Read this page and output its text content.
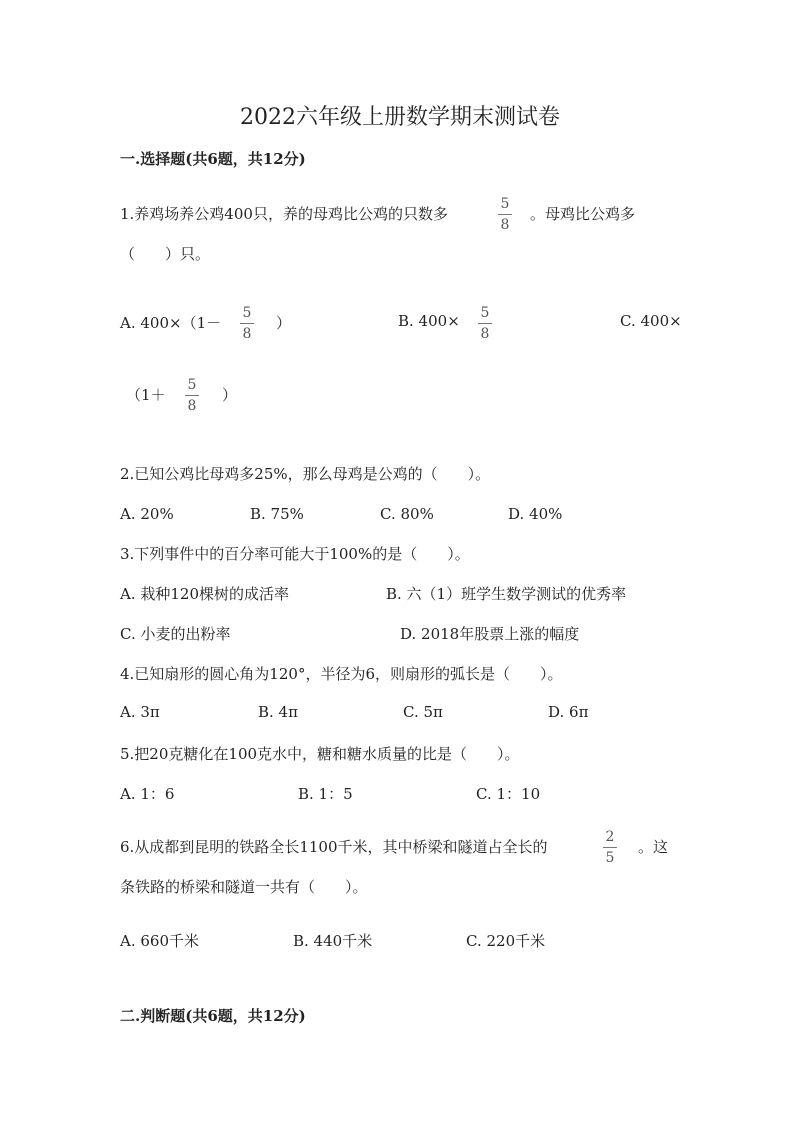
2022六年级上册数学期末测试卷
一.选择题(共6题，共12分)
1.养鸡场养公鸡400只，养的母鸡比公鸡的只数多
5
8
。母鸡比公鸡多
（　　）只。
A. 400×（1－
5
8
）	B. 400× 5
8
C. 400×
（1＋
5
8
）
2.已知公鸡比母鸡多25%，那么母鸡是公鸡的（　　）。
A. 20%	B. 75%	C. 80%	D. 40%
3.下列事件中的百分率可能大于100%的是（　　）。
A. 栽种120棵树的成活率	B. 六（1）班学生数学测试的优秀率
C. 小麦的出粉率	D. 2018年股票上涨的幅度
4.已知扇形的圆心角为120°，半径为6，则扇形的弧长是（　　）。
A. 3π	B. 4π	C. 5π	D. 6π
5.把20克糖化在100克水中，糖和糖水质量的比是（　　）。
A. 1：6	B. 1：5	C. 1：10
6.从成都到昆明的铁路全长1100千米，其中桥梁和隧道占全长的
2
5
。这
条铁路的桥梁和隧道一共有（　　）。
A. 660千米	B. 440千米	C. 220千米
二.判断题(共6题，共12分)
